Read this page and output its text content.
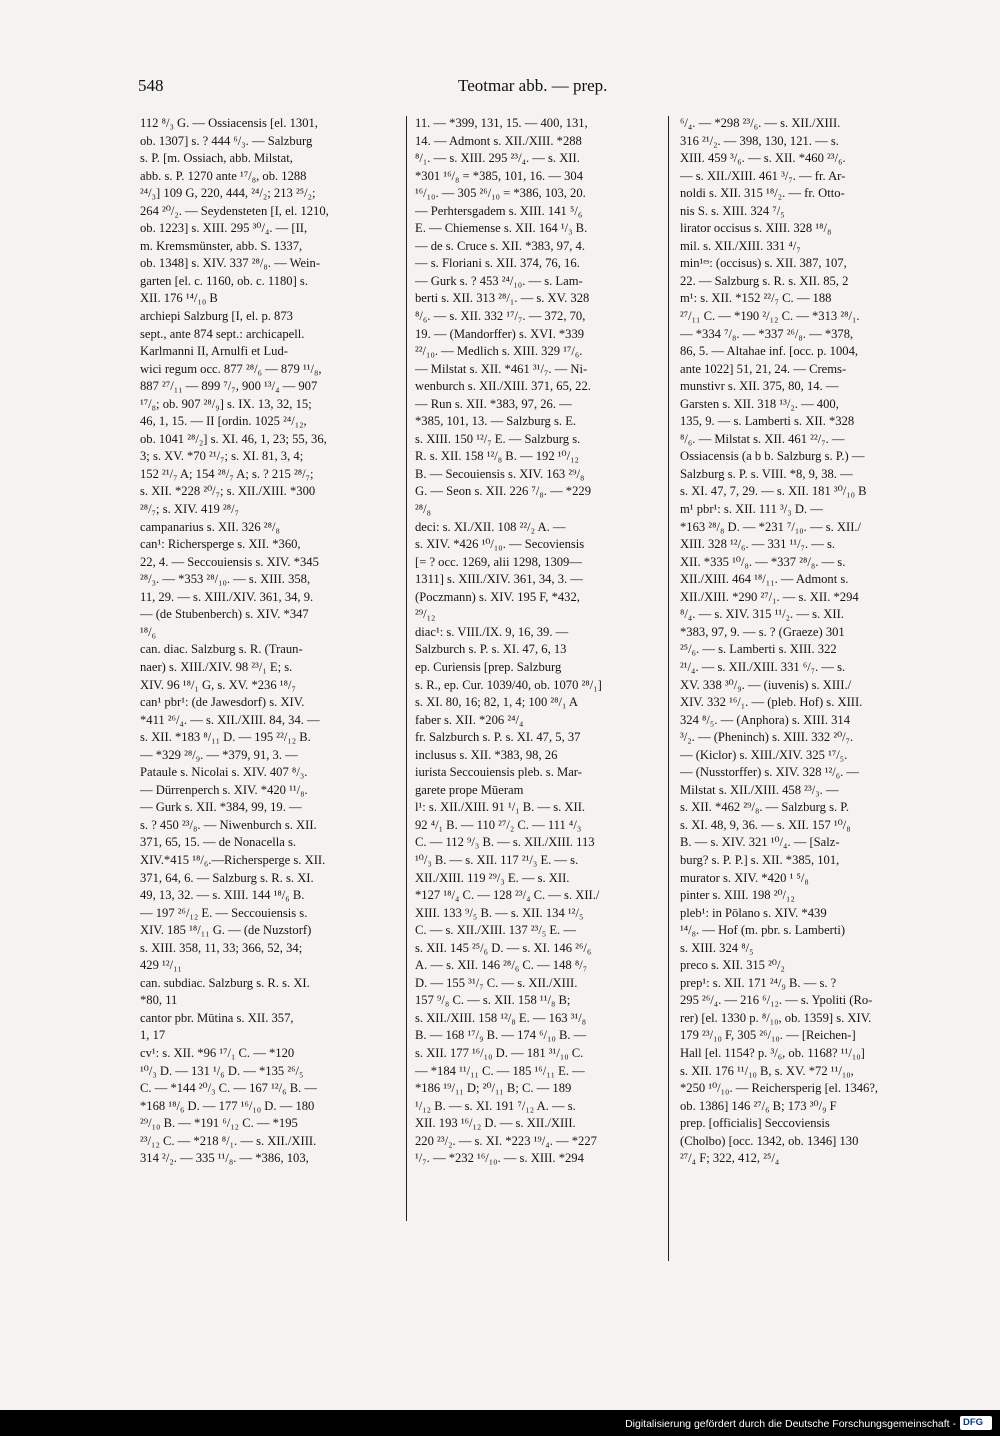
548	Teotmar abb. — prep.
112 ⁸/₃ G. — Ossiacensis [el. 1301,
ob. 1307] s. ? 444 ⁶/₃. — Salzburg
s. P. [m. Ossiach, abb. Milstat,
abb. s. P. 1270 ante ¹⁷/₈, ob. 1288
²⁴/₃] 109 G, 220, 444, ²⁴/₂; 213 ²⁵/₂;
264 ²⁰/₂. — Seydensteten [I, el. 1210,
ob. 1223] s. XIII. 295 ³⁰/₄. — [II,
m. Kremsmünster, abb. S. 1337,
ob. 1348] s. XIV. 337 ²⁸/₈. — Wein-
garten [el. c. 1160, ob. c. 1180] s.
XII. 176 ¹⁴/₁₀ B
archiepi Salzburg [I, el. p. 873
sept., ante 874 sept.: archicapell.
Karlmanni II, Arnulfi et Lud-
wici regum occ. 877 ²⁸/₆ — 879 ¹¹/₈,
887 ²⁷/₁₁ — 899 ⁷/₇, 900 ¹³/₄ — 907
¹⁷/₈; ob. 907 ²⁸/₉] s. IX. 13, 32, 15;
46, 1, 15. — II [ordin. 1025 ²⁴/₁₂,
ob. 1041 ²⁸/₂] s. XI. 46, 1, 23; 55, 36,
3; s. XV. *70 ²¹/₇; s. XI. 81, 3, 4;
152 ²¹/₇ A; 154 ²⁸/₇ A; s. ? 215 ²⁸/₇;
s. XII. *228 ²⁰/₇; s. XII./XIII. *300
²⁸/₇; s. XIV. 419 ²⁸/₇
campanarius s. XII. 326 ²⁸/₈
can¹: Richersperge s. XII. *360,
22, 4. — Seccouiensis s. XIV. *345
²⁸/₃. — *353 ²⁸/₁₀. — s. XIII. 358,
11, 29. — s. XIII./XIV. 361, 34, 9.
— (de Stubenberch) s. XIV. *347
¹⁸/₆
can. diac. Salzburg s. R. (Traun-
naer) s. XIII./XIV. 98 ²³/₁ E; s.
XIV. 96 ¹⁸/₁ G, s. XV. *236 ¹⁸/₇
can¹ pbr¹: (de Jawesdorf) s. XIV.
*411 ²⁶/₄. — s. XII./XIII. 84, 34. —
s. XII. *183 ⁸/₁₁ D. — 195 ²²/₁₂ B.
— *329 ²⁸/₉. — *379, 91, 3. —
Pataule s. Nicolai s. XIV. 407 ⁸/₃.
— Dürrenperch s. XIV. *420 ¹¹/₈.
— Gurk s. XII. *384, 99, 19. —
s. ? 450 ²³/₈. — Niwenburch s. XII.
371, 65, 15. — de Nonacella s.
XIV.*415 ¹⁸/₆.—Richersperge s. XII.
371, 64, 6. — Salzburg s. R. s. XI.
49, 13, 32. — s. XIII. 144 ¹⁸/₆ B.
— 197 ²⁶/₁₂ E. — Seccouiensis s.
XIV. 185 ¹⁸/₁₁ G. — (de Nuzstorf)
s. XIII. 358, 11, 33; 366, 52, 34;
429 ¹²/₁₁
can. subdiac. Salzburg s. R. s. XI.
*80, 11
cantor pbr. Mūtina s. XII. 357,
1, 17
cv¹: s. XII. *96 ¹⁷/₁ C. — *120
¹⁰/₃ D. — 131 ¹/₆ D. — *135 ²⁶/₅
C. — *144 ²⁰/₃ C. — 167 ¹²/₆ B. —
*168 ¹⁸/₆ D. — 177 ¹⁶/₁₀ D. — 180
²⁹/₁₀ B. — *191 ⁶/₁₂ C. — *195
²³/₁₂ C. — *218 ⁸/₁. — s. XII./XIII.
314 ²/₂. — 335 ¹¹/₈. — *386, 103,
11. — *399, 131, 15. — 400, 131,
14. — Admont s. XII./XIII. *288
⁸/₁. — s. XIII. 295 ²³/₄. — s. XII.
*301 ¹⁶/₈ = *385, 101, 16. — 304
¹⁶/₁₀. — 305 ²⁶/₁₀ = *386, 103, 20.
— Perhtersgadem s. XIII. 141 ⁵/₆
E. — Chiemense s. XII. 164 ¹/₃ B.
— de s. Cruce s. XII. *383, 97, 4.
— s. Floriani s. XII. 374, 76, 16.
— Gurk s. ? 453 ²⁴/₁₀. — s. Lam-
berti s. XII. 313 ²⁸/₁. — s. XV. 328
⁸/₆. — s. XII. 332 ¹⁷/₇. — 372, 70,
19. — (Mandorffer) s. XVI. *339
²²/₁₀. — Medlich s. XIII. 329 ¹⁷/₆.
— Milstat s. XII. *461 ³¹/₇. — Ni-
wenburch s. XII./XIII. 371, 65, 22.
— Run s. XII. *383, 97, 26. —
*385, 101, 13. — Salzburg s. E.
s. XIII. 150 ¹²/₇ E. — Salzburg s.
R. s. XII. 158 ¹²/₈ B. — 192 ¹⁰/₁₂
B. — Secouiensis s. XIV. 163 ²⁹/₈
G. — Seon s. XII. 226 ⁷/₈. — *229
²⁸/₈
deci: s. XI./XII. 108 ²²/₂ A. —
s. XIV. *426 ¹⁰/₁₀. — Secoviensis
[= ? occ. 1269, alii 1298, 1309—
1311] s. XIII./XIV. 361, 34, 3. —
(Poczmann) s. XIV. 195 F, *432,
²⁹/₁₂
diac¹: s. VIII./IX. 9, 16, 39. —
Salzburch s. P. s. XI. 47, 6, 13
ep. Curiensis [prep. Salzburg
s. R., ep. Cur. 1039/40, ob. 1070 ²⁸/₁]
s. XI. 80, 16; 82, 1, 4; 100 ²⁸/₁ A
faber s. XII. *206 ²⁴/₄
fr. Salzburch s. P. s. XI. 47, 5, 37
inclusus s. XII. *383, 98, 26
iurista Seccouiensis pleb. s. Mar-
garete prope Mūeram
l¹: s. XII./XIII. 91 ¹/₁ B. — s. XII.
92 ⁴/₁ B. — 110 ²⁷/₂ C. — 111 ⁴/₃
C. — 112 ⁹/₃ B. — s. XII./XIII. 113
¹⁰/₃ B. — s. XII. 117 ²¹/₃ E. — s.
XII./XIII. 119 ²⁹/₃ E. — s. XII.
*127 ¹⁸/₄ C. — 128 ²³/₄ C. — s. XII./
XIII. 133 ⁹/₅ B. — s. XII. 134 ¹²/₅
C. — s. XII./XIII. 137 ²³/₅ E. —
s. XII. 145 ²⁵/₆ D. — s. XI. 146 ²⁶/₆
A. — s. XII. 146 ²⁸/₆ C. — 148 ⁸/₇
D. — 155 ³¹/₇ C. — s. XII./XIII.
157 ⁹/₈ C. — s. XII. 158 ¹¹/₈ B;
s. XII./XIII. 158 ¹²/₈ E. — 163 ³¹/₈
B. — 168 ¹⁷/₉ B. — 174 ⁶/₁₀ B. —
s. XII. 177 ¹⁶/₁₀ D. — 181 ³¹/₁₀ C.
— *184 ¹¹/₁₁ C. — 185 ¹⁶/₁₁ E. —
*186 ¹⁹/₁₁ D; ²⁰/₁₁ B; C. — 189
¹/₁₂ B. — s. XI. 191 ⁷/₁₂ A. — s.
XII. 193 ¹⁶/₁₂ D. — s. XII./XIII.
220 ²³/₂. — s. XI. *223 ¹⁹/₄. — *227
¹/₇. — *232 ¹⁶/₁₀. — s. XIII. *294
⁶/₄. — *298 ²³/₆. — s. XII./XIII.
316 ²¹/₂. — 398, 130, 121. — s.
XIII. 459 ³/₆. — s. XII. *460 ²³/₆.
— s. XII./XIII. 461 ³/₇. — fr. Ar-
noldi s. XII. 315 ¹⁸/₂. — fr. Otto-
nis S. s. XIII. 324 ⁷/₅
lirator occisus s. XIII. 328 ¹⁸/₈
mil. s. XII./XIII. 331 ⁴/₇
min¹ᵉˢ: (occisus) s. XII. 387, 107,
22. — Salzburg s. R. s. XII. 85, 2
m¹: s. XII. *152 ²²/₇ C. — 188
²⁷/₁₁ C. — *190 ²/₁₂ C. — *313 ²⁸/₁.
— *334 ⁷/₈. — *337 ²⁶/₈. — *378,
86, 5. — Altahae inf. [occ. p. 1004,
ante 1022] 51, 21, 24. — Crems-
munstivr s. XII. 375, 80, 14. —
Garsten s. XII. 318 ¹³/₂. — 400,
135, 9. — s. Lamberti s. XII. *328
⁸/₆. — Milstat s. XII. 461 ²²/₇. —
Ossiacensis (a b b. Salzburg s. P.) —
Salzburg s. P. s. VIII. *8, 9, 38. —
s. XI. 47, 7, 29. — s. XII. 181 ³⁰/₁₀ B
m¹ pbr¹: s. XII. 111 ³/₃ D. —
*163 ²⁸/₈ D. — *231 ⁷/₁₀. — s. XII./
XIII. 328 ¹²/₆. — 331 ¹¹/₇. — s.
XII. *335 ¹⁰/₈. — *337 ²⁸/₈. — s.
XII./XIII. 464 ¹⁸/₁₁. — Admont s.
XII./XIII. *290 ²⁷/₁. — s. XII. *294
⁸/₄. — s. XIV. 315 ¹¹/₂. — s. XII.
*383, 97, 9. — s. ? (Graeze) 301
²⁵/₆. — s. Lamberti s. XIII. 322
²¹/₄. — s. XII./XIII. 331 ⁶/₇. — s.
XV. 338 ³⁰/₉. — (iuvenis) s. XIII./
XIV. 332 ¹⁶/₁. — (pleb. Hof) s. XIII.
324 ⁸/₅. — (Anphora) s. XIII. 314
³/₂. — (Pheninch) s. XIII. 332 ²⁰/₇.
— (Kiclor) s. XIII./XIV. 325 ¹⁷/₅.
— (Nusstorffer) s. XIV. 328 ¹²/₆. —
Milstat s. XII./XIII. 458 ²³/₃. —
s. XII. *462 ²⁹/₈. — Salzburg s. P.
s. XI. 48, 9, 36. — s. XII. 157 ¹⁰/₈
B. — s. XIV. 321 ¹⁰/₄. — [Salz-
burg? s. P. P.] s. XII. *385, 101,
murator s. XIV. *420 ¹ ⁵/₈
pinter s. XIII. 198 ²⁰/₁₂
pleb¹: in Pōlano s. XIV. *439
¹⁴/₈. — Hof (m. pbr. s. Lamberti)
s. XIII. 324 ⁸/₅
preco s. XII. 315 ²⁰/₂
prep¹: s. XII. 171 ²⁴/₉ B. — s. ?
295 ²⁶/₄. — 216 ⁶/₁₂. — s. Ypoliti (Ro-
rer) [el. 1330 p. ⁸/₁₀, ob. 1359] s. XIV.
179 ²³/₁₀ F, 305 ²⁶/₁₀. — [Reichen-]
Hall [el. 1154? p. ³/₆, ob. 1168? ¹¹/₁₀]
s. XII. 176 ¹¹/₁₀ B, s. XV. *72 ¹¹/₁₀,
*250 ¹⁰/₁₀. — Reichersperig [el. 1346?,
ob. 1386] 146 ²⁷/₆ B; 173 ³⁰/₉ F
prep. [officialis] Seccoviensis
(Cholbo) [occ. 1342, ob. 1346] 130
²⁷/₄ F; 322, 412, ²⁵/₄
Digitalisierung gefördert durch die Deutsche Forschungsgemeinschaft - DFG
